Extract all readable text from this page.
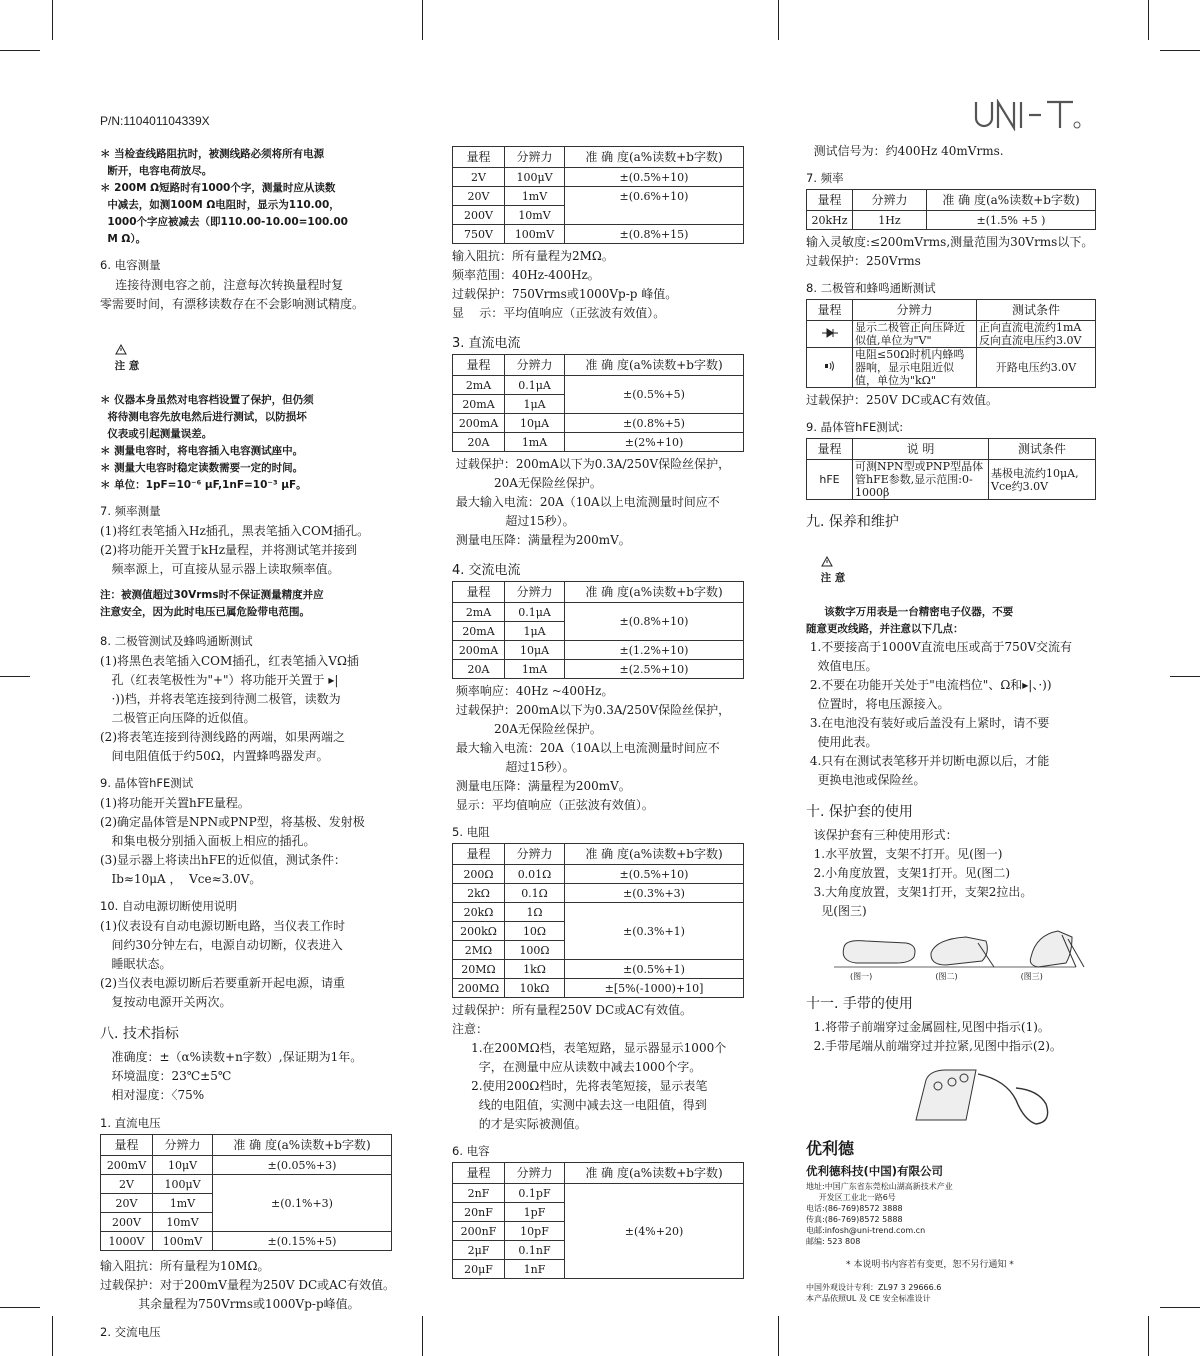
P/N:110401104339X
＊ 当检查线路阻抗时，被测线路必须将所有电源
断开，电容电荷放尽。
＊ 200M Ω短路时有1000个字，测量时应从读数
中减去，如测100M Ω电阻时，显示为110.00，
1000个字应被减去（即110.00-10.00=100.00
M Ω）。
6. 电容测量
连接待测电容之前，注意每次转换量程时复
零需要时间，有漂移读数存在不会影响测试精度。

注 意

＊ 仪器本身虽然对电容档设置了保护，但仍须
将待测电容先放电然后进行测试，以防损坏
仪表或引起测量误差。
＊ 测量电容时，将电容插入电容测试座中。
＊ 测量大电容时稳定读数需要一定的时间。
＊ 单位：1pF=10⁻⁶ μF,1nF=10⁻³ μF。
7. 频率测量
(1)将红表笔插入Hz插孔，黑表笔插入COM插孔。
(2)将功能开关置于kHz量程，并将测试笔并接到
频率源上，可直接从显示器上读取频率值。
注：被测值超过30Vrms时不保证测量精度并应
注意安全，因为此时电压已属危险带电范围。
8. 二极管测试及蜂鸣通断测试
(1)将黑色表笔插入COM插孔，红表笔插入VΩ插
孔（红表笔极性为"+"）将功能开关置于 ▸|
·))档，并将表笔连接到待测二极管，读数为
二极管正向压降的近似值。
(2)将表笔连接到待测线路的两端，如果两端之
间电阻值低于约50Ω，内置蜂鸣器发声。
9. 晶体管hFE测试
(1)将功能开关置hFE量程。
(2)确定晶体管是NPN或PNP型，将基极、发射极
和集电极分别插入面板上相应的插孔。
(3)显示器上将读出hFE的近似值，测试条件：
Ib≈10μA ，  Vce≈3.0V。
10. 自动电源切断使用说明
(1)仪表设有自动电源切断电路，当仪表工作时
间约30分钟左右，电源自动切断，仪表进入
睡眠状态。
(2)当仪表电源切断后若要重新开起电源，请重
复按动电源开关两次。
八. 技术指标
准确度：±（α%读数+n字数）,保证期为1年。
环境温度：23℃±5℃
相对湿度：〈75%
1. 直流电压
量程	分辨力	准 确 度(a%读数+b字数)
200mV	10μV	±(0.05%+3)
2V	100μV	±(0.1%+3)
20V	1mV	
200V	10mV	
1000V	100mV	±(0.15%+5)
输入阻抗：所有量程为10MΩ。
过载保护：对于200mV量程为250V DC或AC有效值。
其余量程为750Vrms或1000Vp-p峰值。
2. 交流电压
量程	分辨力	准 确 度(a%读数+b字数)
2V	100μV	±(0.5%+10)
20V	1mV	±(0.6%+10)
200V	10mV	
750V	100mV	±(0.8%+15)
输入阻抗：所有量程为2MΩ。
频率范围：40Hz-400Hz。
过载保护：750Vrms或1000Vp-p 峰值。
显    示：平均值响应（正弦波有效值）。
3. 直流电流
量程	分辨力	准 确 度(a%读数+b字数)
2mA	0.1μA	±(0.5%+5)
20mA	1μA	
200mA	10μA	±(0.8%+5)
20A	1mA	±(2%+10)
过载保护：200mA以下为0.3A/250V保险丝保护，
20A无保险丝保护。
最大输入电流：20A（10A以上电流测量时间应不
超过15秒）。
测量电压降：满量程为200mV。
4. 交流电流
量程	分辨力	准 确 度(a%读数+b字数)
2mA	0.1μA	±(0.8%+10)
20mA	1μA	
200mA	10μA	±(1.2%+10)
20A	1mA	±(2.5%+10)
频率响应：40Hz ~400Hz。
过载保护：200mA以下为0.3A/250V保险丝保护，
20A无保险丝保护。
最大输入电流：20A（10A以上电流测量时间应不
超过15秒）。
测量电压降：满量程为200mV。
显示：平均值响应（正弦波有效值）。
5. 电阻
量程	分辨力	准 确 度(a%读数+b字数)
200Ω	0.01Ω	±(0.5%+10)
2kΩ	0.1Ω	±(0.3%+3)
20kΩ	1Ω	±(0.3%+1)
200kΩ	10Ω	
2MΩ	100Ω	
20MΩ	1kΩ	±(0.5%+1)
200MΩ	10kΩ	±[5%(-1000)+10]
过载保护：所有量程250V DC或AC有效值。
注意：
1.在200MΩ档，表笔短路，显示器显示1000个
字，在测量中应从读数中减去1000个字。
2.使用200Ω档时，先将表笔短接，显示表笔
线的电阻值，实测中减去这一电阻值，得到
的才是实际被测值。
6. 电容
量程	分辨力	准 确 度(a%读数+b字数)
2nF	0.1pF	±(4%+20)
20nF	1pF	
200nF	10pF	
2μF	0.1nF	
20μF	1nF	
测试信号为：约400Hz 40mVrms.
7. 频率
量程	分辨力	准 确 度(a%读数+b字数)
20kHz	1Hz	±(1.5% +5 )
输入灵敏度:≤200mVrms,测量范围为30Vrms以下。
过载保护：250Vrms
8. 二极管和蜂鸣通断测试
量程	分辨力	测试条件
	显示二极管正向压降近似值,单位为"V"	正向直流电流约1mA
反向直流电压约3.0V
	电阻≤50Ω时机内蜂鸣器响，显示电阻近似值，单位为"kΩ"	开路电压约3.0V
过载保护：250V DC或AC有效值。
9. 晶体管hFE测试:
量程	说 明	测试条件
hFE	可测NPN型或PNP型晶体管hFE参数,显示范围:0-1000β	基极电流约10μA,
Vce约3.0V
九. 保养和维护

注 意

该数字万用表是一台精密电子仪器，不要
随意更改线路，并注意以下几点：
1.不要接高于1000V直流电压或高于750V交流有
效值电压。
2.不要在功能开关处于"电流档位"、Ω和▸|、·))
位置时，将电压源接入。
3.在电池没有装好或后盖没有上紧时，请不要
使用此表。
4.只有在测试表笔移开并切断电源以后，才能
更换电池或保险丝。
十. 保护套的使用
该保护套有三种使用形式：
1.水平放置，支架不打开。见(图一)
2.小角度放置，支架1打开。见(图二)
3.大角度放置，支架1打开，支架2拉出。
见(图三)
(图一)	(图二)	(图三)
十一. 手带的使用
1.将带子前端穿过金属圆柱,见图中指示(1)。
2.手带尾端从前端穿过并拉紧,见图中指示(2)。
优利德
优利德科技(中国)有限公司
地址:中国广东省东莞松山湖高新技术产业
开发区工业北一路6号
电话:(86-769)8572 3888
传真:(86-769)8572 5888
电邮:infosh@uni-trend.com.cn
邮编: 523 808
* 本说明书内容若有变更，恕不另行通知 *
中国外观设计专利：ZL97 3 29666.6
本产品依照UL 及 CE 安全标准设计
